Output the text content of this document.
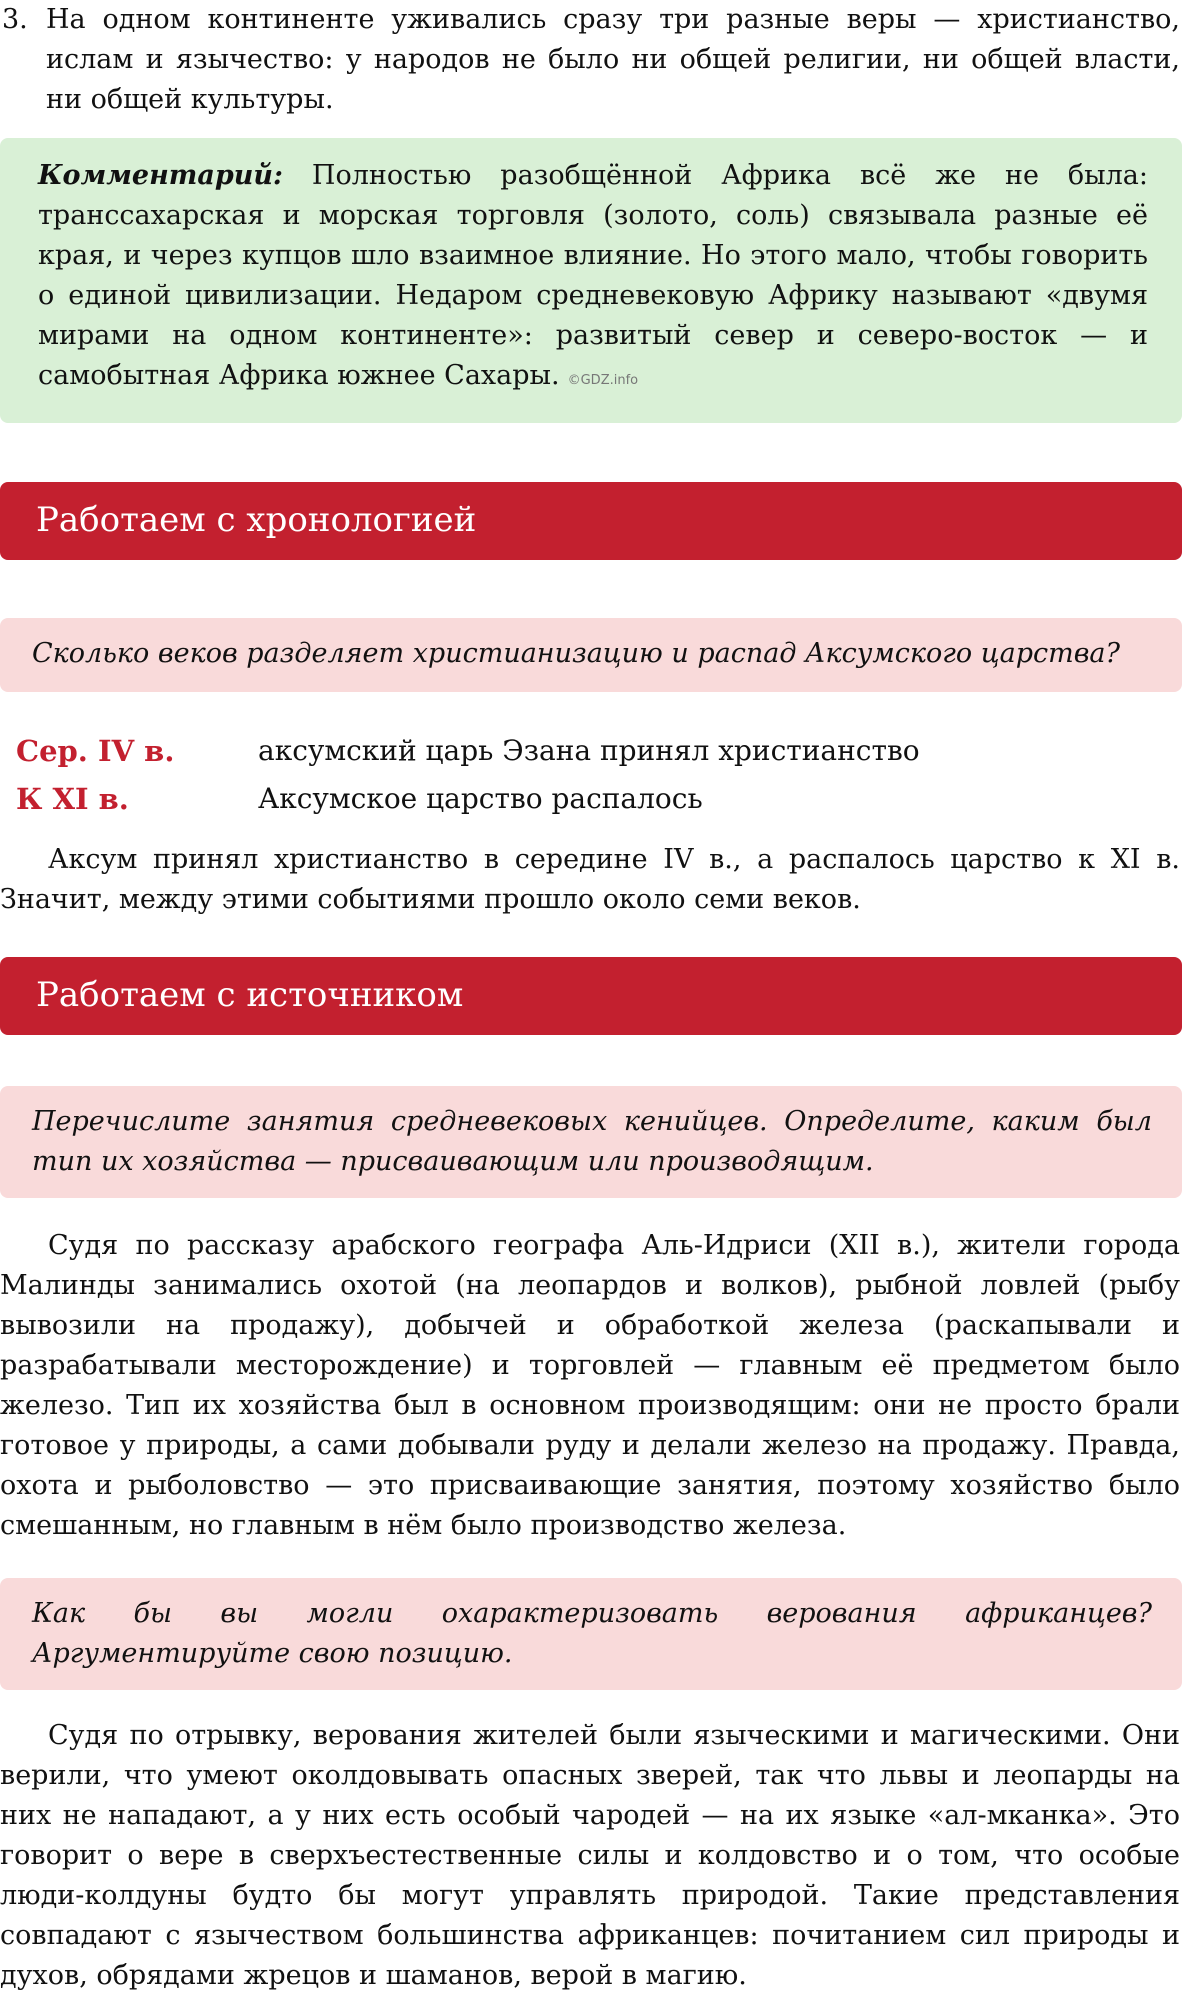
3. На одном континенте уживались сразу три разные веры — христианство, ислам и язычество: у народов не было ни общей религии, ни общей власти, ни общей культуры.

Комментарий: Полностью разобщённой Африка всё же не была: транссахарская и морская торговля (золото, соль) связывала разные её края, и через купцов шло взаимное влияние. Но этого мало, чтобы говорить о единой цивилизации. Недаром средневековую Африку называют «двумя мирами на одном континенте»: развитый север и северо-восток — и самобытная Африка южнее Сахары. ©GDZ.info

Работаем с хронологией

Сколько веков разделяет христианизацию и распад Аксумского царства?

Сер. IV в.	аксумский царь Эзана принял христианство
К XI в.	Аксумское царство распалось

Аксум принял христианство в середине IV в., а распалось царство к XI в. Значит, между этими событиями прошло около семи веков.

Работаем с источником

Перечислите занятия средневековых кенийцев. Определите, каким был тип их хозяйства — присваивающим или производящим.

Судя по рассказу арабского географа Аль-Идриси (XII в.), жители города Малинды занимались охотой (на леопардов и волков), рыбной ловлей (рыбу вывозили на продажу), добычей и обработкой железа (раскапывали и разрабатывали месторождение) и торговлей — главным её предметом было железо. Тип их хозяйства был в основном производящим: они не просто брали готовое у природы, а сами добывали руду и делали железо на продажу. Правда, охота и рыболовство — это присваивающие занятия, поэтому хозяйство было смешанным, но главным в нём было производство железа.

Как бы вы могли охарактеризовать верования африканцев? Аргументируйте свою позицию.

Судя по отрывку, верования жителей были языческими и магическими. Они верили, что умеют околдовывать опасных зверей, так что львы и леопарды на них не нападают, а у них есть особый чародей — на их языке «ал-мканка». Это говорит о вере в сверхъестественные силы и колдовство и о том, что особые люди-колдуны будто бы могут управлять природой. Такие представления совпадают с язычеством большинства африканцев: почитанием сил природы и духов, обрядами жрецов и шаманов, верой в магию.
